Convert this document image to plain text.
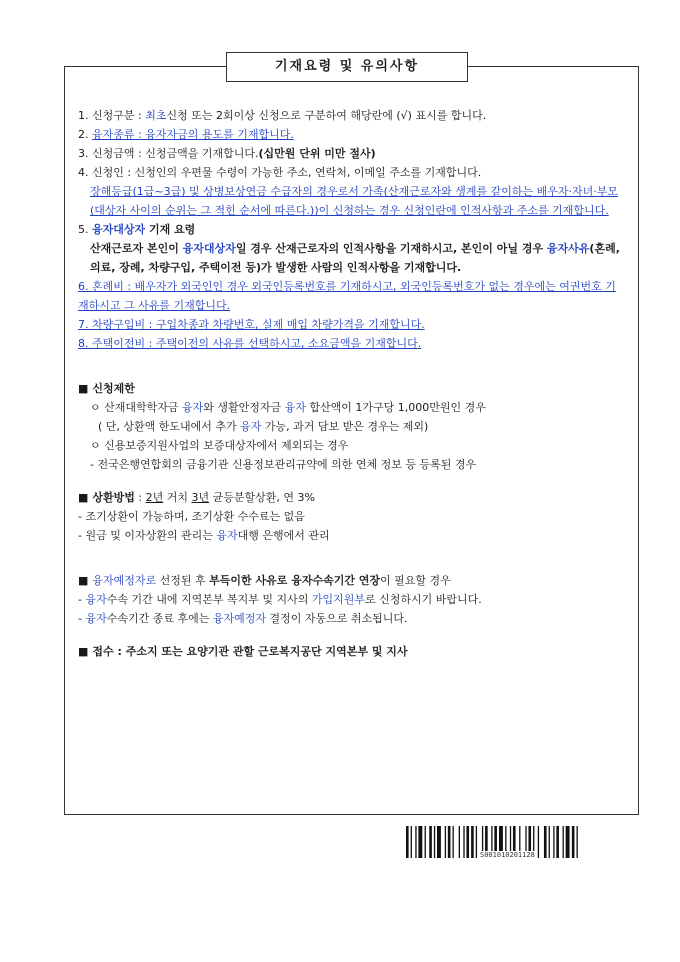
기재요령 및 유의사항
1. 신청구분 : 최초신청 또는 2회이상 신청으로 구분하여 해당란에 (√) 표시를 합니다.
2. 융자종류 : 융자자금의 용도를 기재합니다.
3. 신청금액 : 신청금액을 기재합니다.(십만원 단위 미만 절사)
4. 신청인 : 신청인의 우편물 수령이 가능한 주소, 연락처, 이메일 주소를 기재합니다.
장해등급(1급~3급) 및 상병보상연금 수급자의 경우로서 가족(산재근로자와 생계를 같이하는 배우자·자녀·부모(대상자 사이의 순위는 그 적힌 순서에 따른다.))이 신청하는 경우 신청인란에 인적사항과 주소를 기재합니다.
5. 융자대상자 기재 요령
산재근로자 본인이 융자대상자일 경우 산재근로자의 인적사항을 기재하시고, 본인이 아닐 경우 융자사유(혼례, 의료, 장례, 차량구입, 주택이전 등)가 발생한 사람의 인적사항을 기재합니다.
6. 혼례비 : 배우자가 외국인인 경우 외국인등록번호를 기재하시고, 외국인등록번호가 없는 경우에는 여권번호 기재하시고 그 사유를 기재합니다.
7. 차량구입비 : 구입차종과 차량번호, 실제 매입 차량가격을 기재합니다.
8. 주택이전비 : 주택이전의 사유를 선택하시고, 소요금액을 기재합니다.
■ 신청제한
ㅇ 산재대학학자금 융자와 생활안정자금 융자 합산액이 1가구당 1,000만원인 경우
( 단, 상환액 한도내에서 추가 융자 가능, 과거 담보 받은 경우는 제외)
ㅇ 신용보증지원사업의 보증대상자에서 제외되는 경우
- 전국은행연합회의 금융기관 신용정보관리규약에 의한 연체 정보 등 등록된 경우
■ 상환방법 : 2년 거치 3년 균등분할상환, 연 3%
- 조기상환이 가능하며, 조기상환 수수료는 없음
- 원금 및 이자상환의 관리는 융자대행 은행에서 관리
■ 융자예정자로 선정된 후 부득이한 사유로 융자수속기간 연장이 필요할 경우
- 융자수속 기간 내에 지역본부 복지부 및 지사의 가입지원부로 신청하시기 바랍니다.
- 융자수속기간 종료 후에는 융자예정자 결정이 자동으로 취소됩니다.
■ 접수 : 주소지 또는 요양기관 관할 근로복지공단 지역본부 및 지사
S001010201128
